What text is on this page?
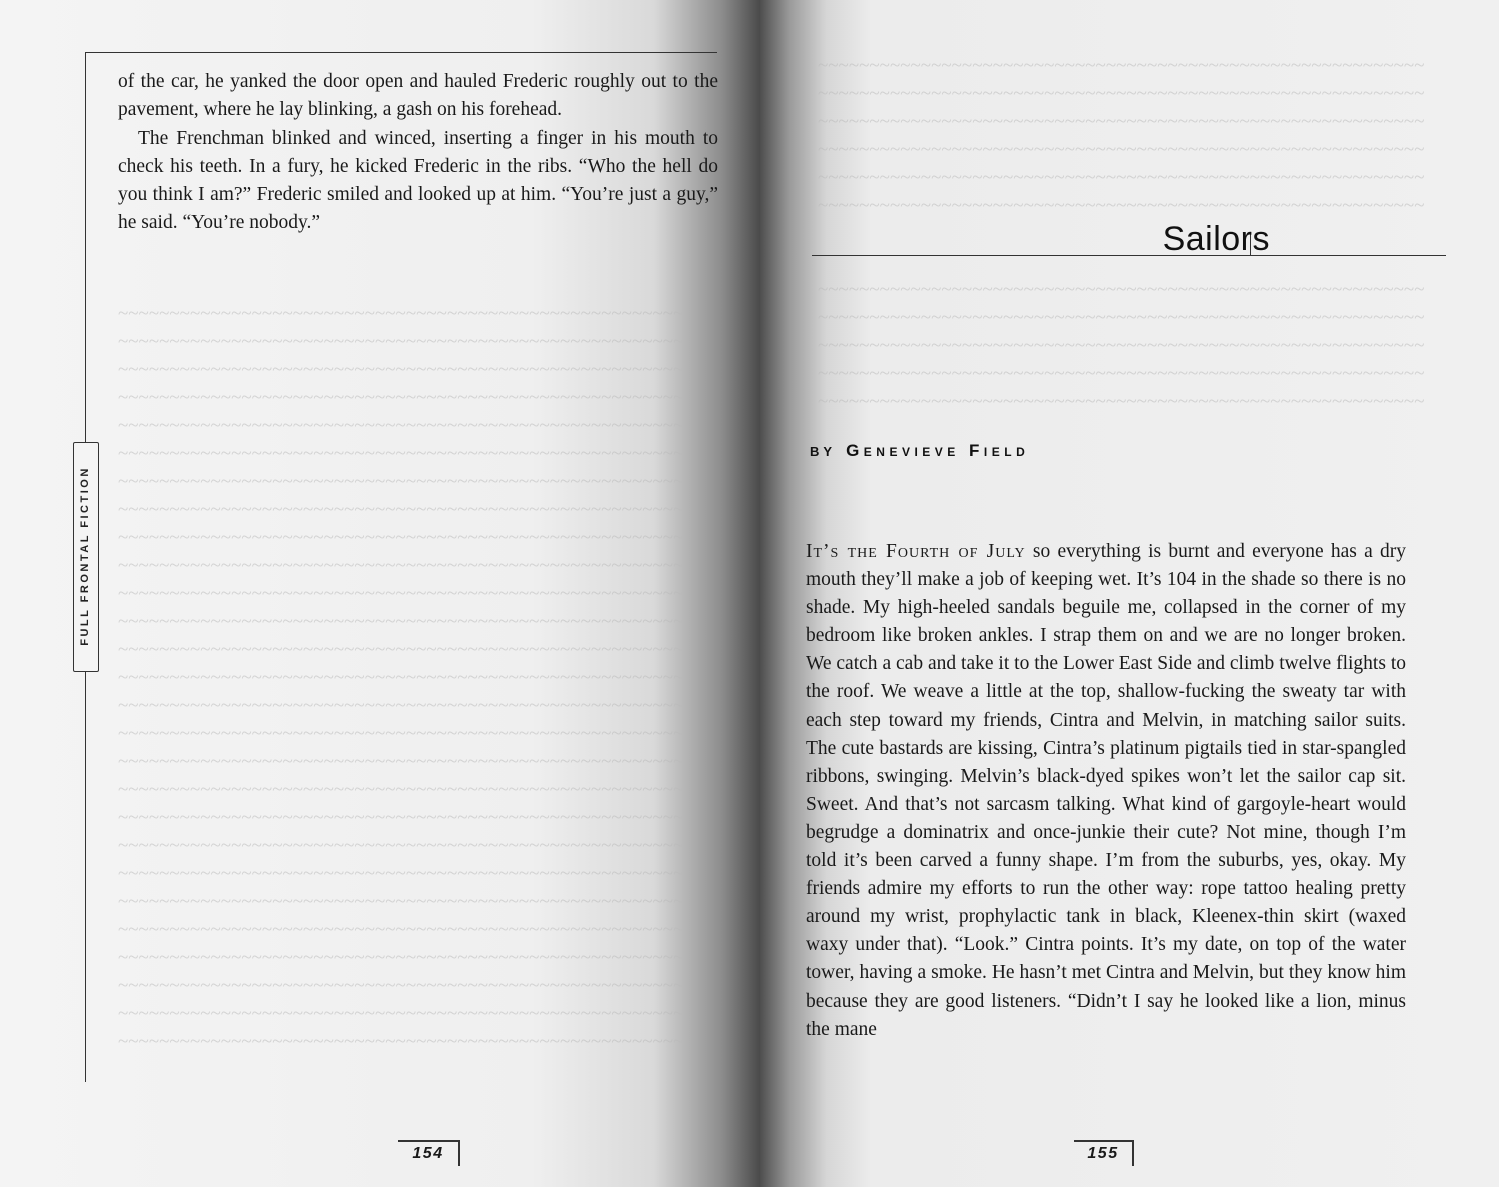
~~~~~~~~~~~~~~~~~~~~~~~~~~~~~~~~~~~~~~~~~~~~~~~~~~~~~~~
~~~~~~~~~~~~~~~~~~~~~~~~~~~~~~~~~~~~~~~~~~~~~~~~~~~~~~~
~~~~~~~~~~~~~~~~~~~~~~~~~~~~~~~~~~~~~~~~~~~~~~~~~~~~~~~
~~~~~~~~~~~~~~~~~~~~~~~~~~~~~~~~~~~~~~~~~~~~~~~~~~~~~~~
~~~~~~~~~~~~~~~~~~~~~~~~~~~~~~~~~~~~~~~~~~~~~~~~~~~~~~~
~~~~~~~~~~~~~~~~~~~~~~~~~~~~~~~~~~~~~~~~~~~~~~~~~~~~~~~
~~~~~~~~~~~~~~~~~~~~~~~~~~~~~~~~~~~~~~~~~~~~~~~~~~~~~~~
~~~~~~~~~~~~~~~~~~~~~~~~~~~~~~~~~~~~~~~~~~~~~~~~~~~~~~~
~~~~~~~~~~~~~~~~~~~~~~~~~~~~~~~~~~~~~~~~~~~~~~~~~~~~~~~
~~~~~~~~~~~~~~~~~~~~~~~~~~~~~~~~~~~~~~~~~~~~~~~~~~~~~~~
~~~~~~~~~~~~~~~~~~~~~~~~~~~~~~~~~~~~~~~~~~~~~~~~~~~~~~~
~~~~~~~~~~~~~~~~~~~~~~~~~~~~~~~~~~~~~~~~~~~~~~~~~~~~~~~
~~~~~~~~~~~~~~~~~~~~~~~~~~~~~~~~~~~~~~~~~~~~~~~~~~~~~~~
~~~~~~~~~~~~~~~~~~~~~~~~~~~~~~~~~~~~~~~~~~~~~~~~~~~~~~~
~~~~~~~~~~~~~~~~~~~~~~~~~~~~~~~~~~~~~~~~~~~~~~~~~~~~~~~
~~~~~~~~~~~~~~~~~~~~~~~~~~~~~~~~~~~~~~~~~~~~~~~~~~~~~~~
~~~~~~~~~~~~~~~~~~~~~~~~~~~~~~~~~~~~~~~~~~~~~~~~~~~~~~~
~~~~~~~~~~~~~~~~~~~~~~~~~~~~~~~~~~~~~~~~~~~~~~~~~~~~~~~
~~~~~~~~~~~~~~~~~~~~~~~~~~~~~~~~~~~~~~~~~~~~~~~~~~~~~~~
~~~~~~~~~~~~~~~~~~~~~~~~~~~~~~~~~~~~~~~~~~~~~~~~~~~~~~~
~~~~~~~~~~~~~~~~~~~~~~~~~~~~~~~~~~~~~~~~~~~~~~~~~~~~~~~
~~~~~~~~~~~~~~~~~~~~~~~~~~~~~~~~~~~~~~~~~~~~~~~~~~~~~~~
~~~~~~~~~~~~~~~~~~~~~~~~~~~~~~~~~~~~~~~~~~~~~~~~~~~~~~~
~~~~~~~~~~~~~~~~~~~~~~~~~~~~~~~~~~~~~~~~~~~~~~~~~~~~~~~
~~~~~~~~~~~~~~~~~~~~~~~~~~~~~~~~~~~~~~~~~~~~~~~~~~~~~~~
~~~~~~~~~~~~~~~~~~~~~~~~~~~~~~~~~~~~~~~~~~~~~~~~~~~~~~~
~~~~~~~~~~~~~~~~~~~~~~~~~~~~~~~~~~~~~~~~~~~~~~~~~~~~~~~
FULL FRONTAL FICTION

of the car, he yanked the door open and hauled Frederic roughly out to the pavement, where he lay blinking, a gash on his forehead.

The Frenchman blinked and winced, inserting a finger in his mouth to check his teeth. In a fury, he kicked Frederic in the ribs. “Who the hell do you think I am?” Frederic smiled and looked up at him. “You’re just a guy,” he said. “You’re nobody.”

154
~~~~~~~~~~~~~~~~~~~~~~~~~~~~~~~~~~~~~~~~~~~~~~~~~~~~~~~~~~~
~~~~~~~~~~~~~~~~~~~~~~~~~~~~~~~~~~~~~~~~~~~~~~~~~~~~~~~~~~~
~~~~~~~~~~~~~~~~~~~~~~~~~~~~~~~~~~~~~~~~~~~~~~~~~~~~~~~~~~~
~~~~~~~~~~~~~~~~~~~~~~~~~~~~~~~~~~~~~~~~~~~~~~~~~~~~~~~~~~~
~~~~~~~~~~~~~~~~~~~~~~~~~~~~~~~~~~~~~~~~~~~~~~~~~~~~~~~~~~~
~~~~~~~~~~~~~~~~~~~~~~~~~~~~~~~~~~~~~~~~~~~~~~~~~~~~~~~~~~~

~~~~~~~~~~~~~~~~~~~~~~~~~~~~~~~~~~~~~~~~~~~~~~~~~~~~~~~~~~~
~~~~~~~~~~~~~~~~~~~~~~~~~~~~~~~~~~~~~~~~~~~~~~~~~~~~~~~~~~~
~~~~~~~~~~~~~~~~~~~~~~~~~~~~~~~~~~~~~~~~~~~~~~~~~~~~~~~~~~~
~~~~~~~~~~~~~~~~~~~~~~~~~~~~~~~~~~~~~~~~~~~~~~~~~~~~~~~~~~~
~~~~~~~~~~~~~~~~~~~~~~~~~~~~~~~~~~~~~~~~~~~~~~~~~~~~~~~~~~~
Sailors
BY Genevieve Field

It’s the Fourth of July so everything is burnt and everyone has a dry mouth they’ll make a job of keeping wet. It’s 104 in the shade so there is no shade. My high-heeled sandals beguile me, collapsed in the corner of my bedroom like broken ankles. I strap them on and we are no longer broken. We catch a cab and take it to the Lower East Side and climb twelve flights to the roof. We weave a little at the top, shallow-fucking the sweaty tar with each step toward my friends, Cintra and Melvin, in matching sailor suits. The cute bastards are kissing, Cintra’s platinum pigtails tied in star-spangled ribbons, swinging. Melvin’s black-dyed spikes won’t let the sailor cap sit. Sweet. And that’s not sarcasm talking. What kind of gargoyle-heart would begrudge a dominatrix and once-junkie their cute? Not mine, though I’m told it’s been carved a funny shape. I’m from the suburbs, yes, okay. My friends admire my efforts to run the other way: rope tattoo healing pretty around my wrist, prophylactic tank in black, Kleenex-thin skirt (waxed waxy under that). “Look.” Cintra points. It’s my date, on top of the water tower, having a smoke. He hasn’t met Cintra and Melvin, but they know him because they are good listeners. “Didn’t I say he looked like a lion, minus the mane

155
